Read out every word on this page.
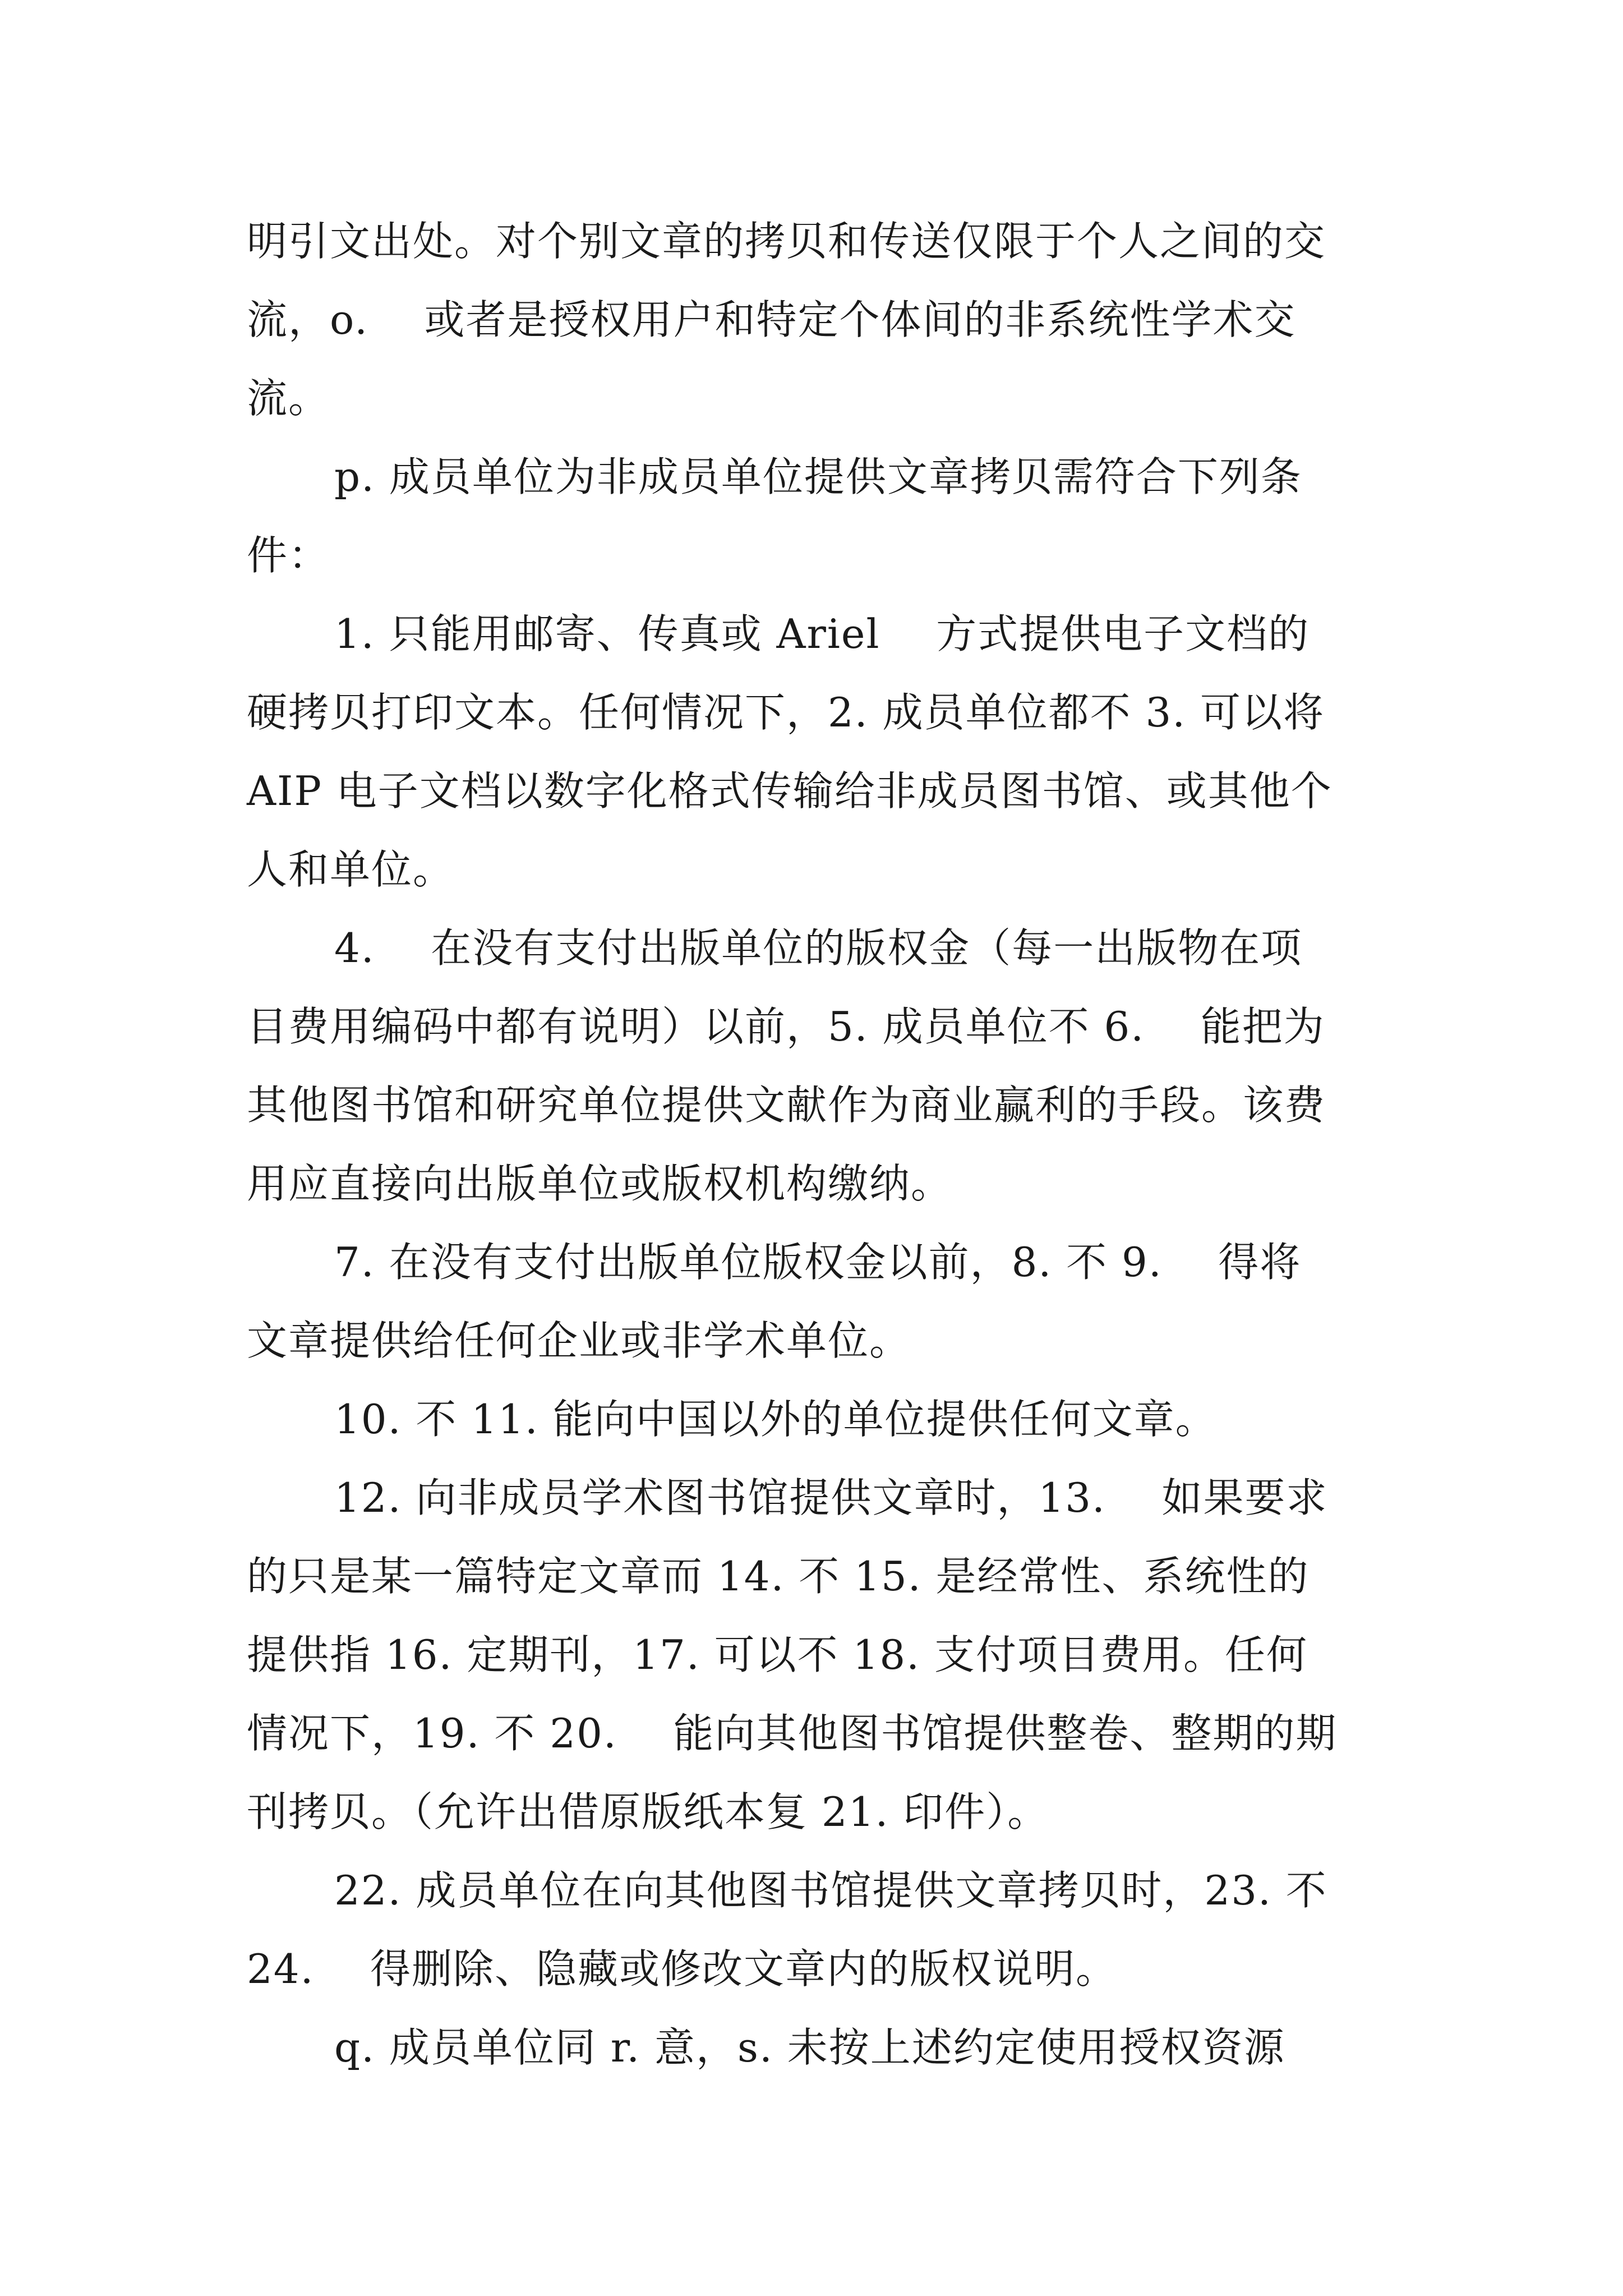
明引文出处。对个别文章的拷贝和传送仅限于个人之间的交
流，o.    或者是授权用户和特定个体间的非系统性学术交
流。
p. 成员单位为非成员单位提供文章拷贝需符合下列条
件：
1. 只能用邮寄、传真或 Ariel    方式提供电子文档的
硬拷贝打印文本。任何情况下，2. 成员单位都不 3. 可以将
AIP 电子文档以数字化格式传输给非成员图书馆、或其他个
人和单位。
4.    在没有支付出版单位的版权金（每一出版物在项
目费用编码中都有说明）以前，5. 成员单位不 6.    能把为
其他图书馆和研究单位提供文献作为商业赢利的手段。该费
用应直接向出版单位或版权机构缴纳。
7. 在没有支付出版单位版权金以前，8. 不 9.    得将
文章提供给任何企业或非学术单位。
10. 不 11. 能向中国以外的单位提供任何文章。
12. 向非成员学术图书馆提供文章时，13.    如果要求
的只是某一篇特定文章而 14. 不 15. 是经常性、系统性的
提供指 16. 定期刊，17. 可以不 18. 支付项目费用。任何
情况下，19. 不 20.    能向其他图书馆提供整卷、整期的期
刊拷贝。（允许出借原版纸本复 21. 印件）。
22. 成员单位在向其他图书馆提供文章拷贝时，23. 不
24.    得删除、隐藏或修改文章内的版权说明。
q. 成员单位同 r. 意，s. 未按上述约定使用授权资源
